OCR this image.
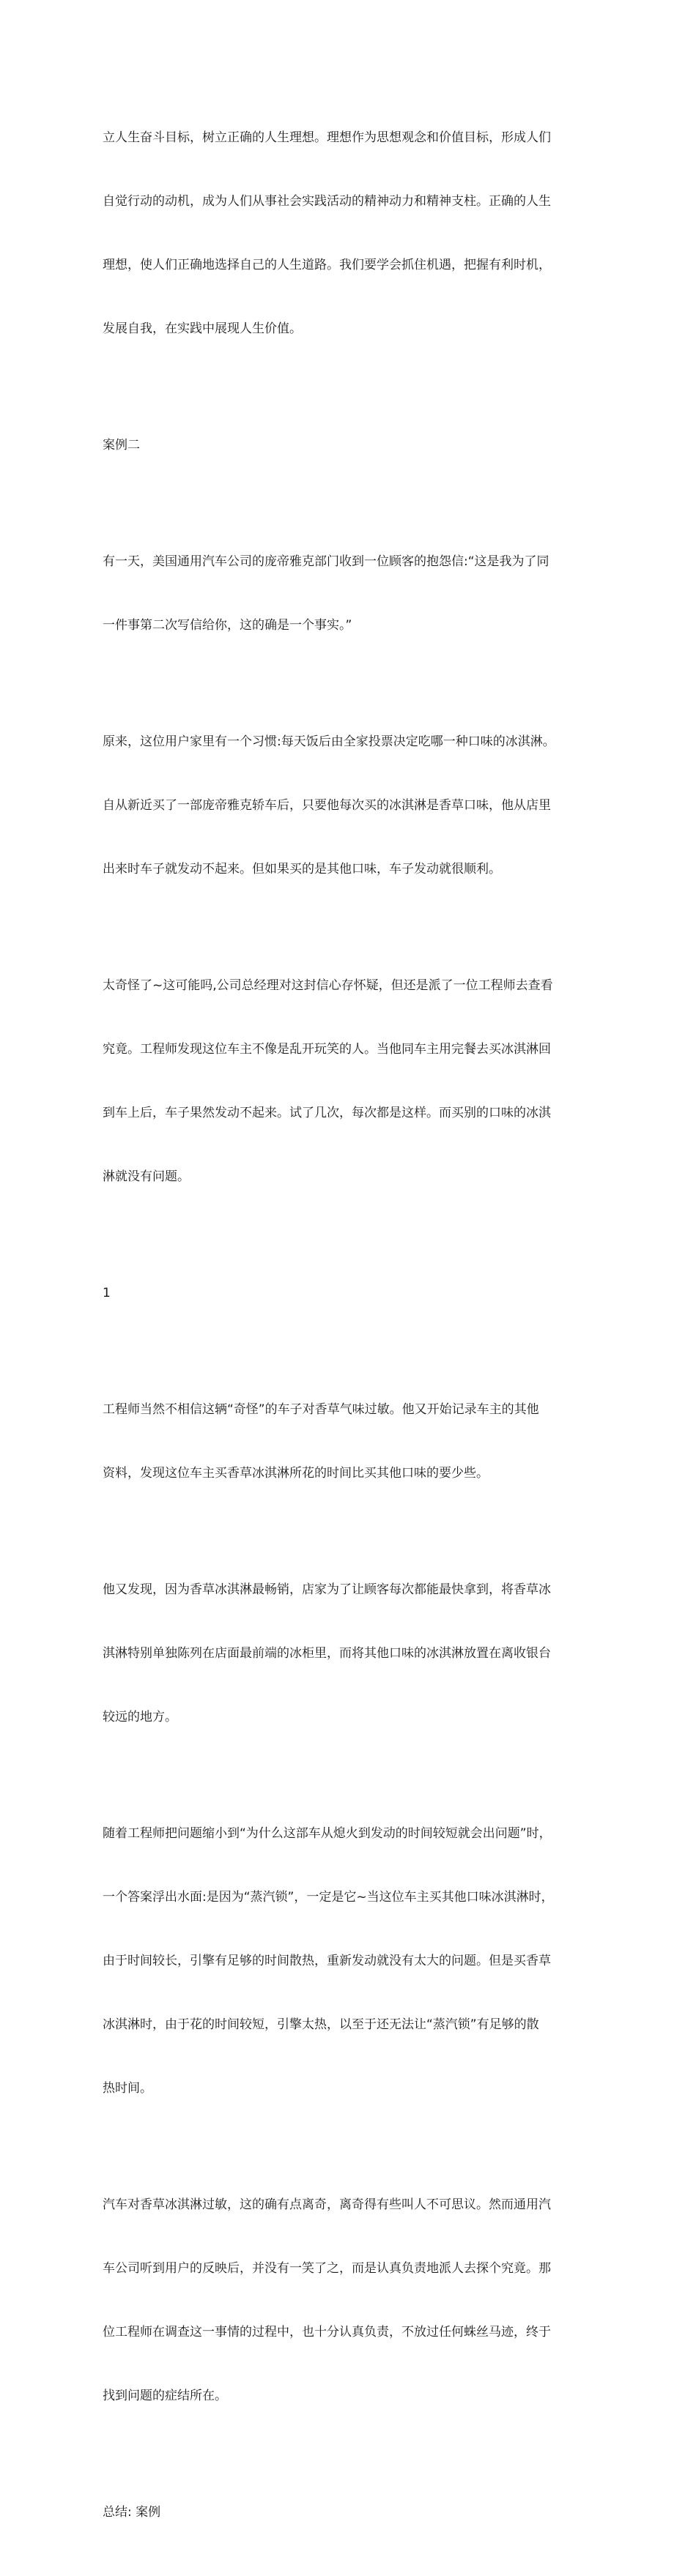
立人生奋斗目标，树立正确的人生理想。理想作为思想观念和价值目标，形成人们

自觉行动的动机，成为人们从事社会实践活动的精神动力和精神支柱。正确的人生

理想，使人们正确地选择自己的人生道路。我们要学会抓住机遇，把握有利时机，

发展自我，在实践中展现人生价值。

案例二

有一天，美国通用汽车公司的庞帝雅克部门收到一位顾客的抱怨信:“这是我为了同

一件事第二次写信给你，这的确是一个事实。”

原来，这位用户家里有一个习惯:每天饭后由全家投票决定吃哪一种口味的冰淇淋。

自从新近买了一部庞帝雅克轿车后，只要他每次买的冰淇淋是香草口味，他从店里

出来时车子就发动不起来。但如果买的是其他口味，车子发动就很顺利。

太奇怪了~这可能吗,公司总经理对这封信心存怀疑，但还是派了一位工程师去查看

究竟。工程师发现这位车主不像是乱开玩笑的人。当他同车主用完餐去买冰淇淋回

到车上后，车子果然发动不起来。试了几次，每次都是这样。而买别的口味的冰淇

淋就没有问题。

1

工程师当然不相信这辆“奇怪”的车子对香草气味过敏。他又开始记录车主的其他

资料，发现这位车主买香草冰淇淋所花的时间比买其他口味的要少些。

他又发现，因为香草冰淇淋最畅销，店家为了让顾客每次都能最快拿到，将香草冰

淇淋特别单独陈列在店面最前端的冰柜里，而将其他口味的冰淇淋放置在离收银台

较远的地方。

随着工程师把问题缩小到“为什么这部车从熄火到发动的时间较短就会出问题”时，

一个答案浮出水面:是因为“蒸汽锁”，一定是它~当这位车主买其他口味冰淇淋时，

由于时间较长，引擎有足够的时间散热，重新发动就没有太大的问题。但是买香草

冰淇淋时，由于花的时间较短，引擎太热，以至于还无法让“蒸汽锁”有足够的散

热时间。

汽车对香草冰淇淋过敏，这的确有点离奇，离奇得有些叫人不可思议。然而通用汽

车公司听到用户的反映后，并没有一笑了之，而是认真负责地派人去探个究竟。那

位工程师在调查这一事情的过程中，也十分认真负责，不放过任何蛛丝马迹，终于

找到问题的症结所在。

总结: 案例
